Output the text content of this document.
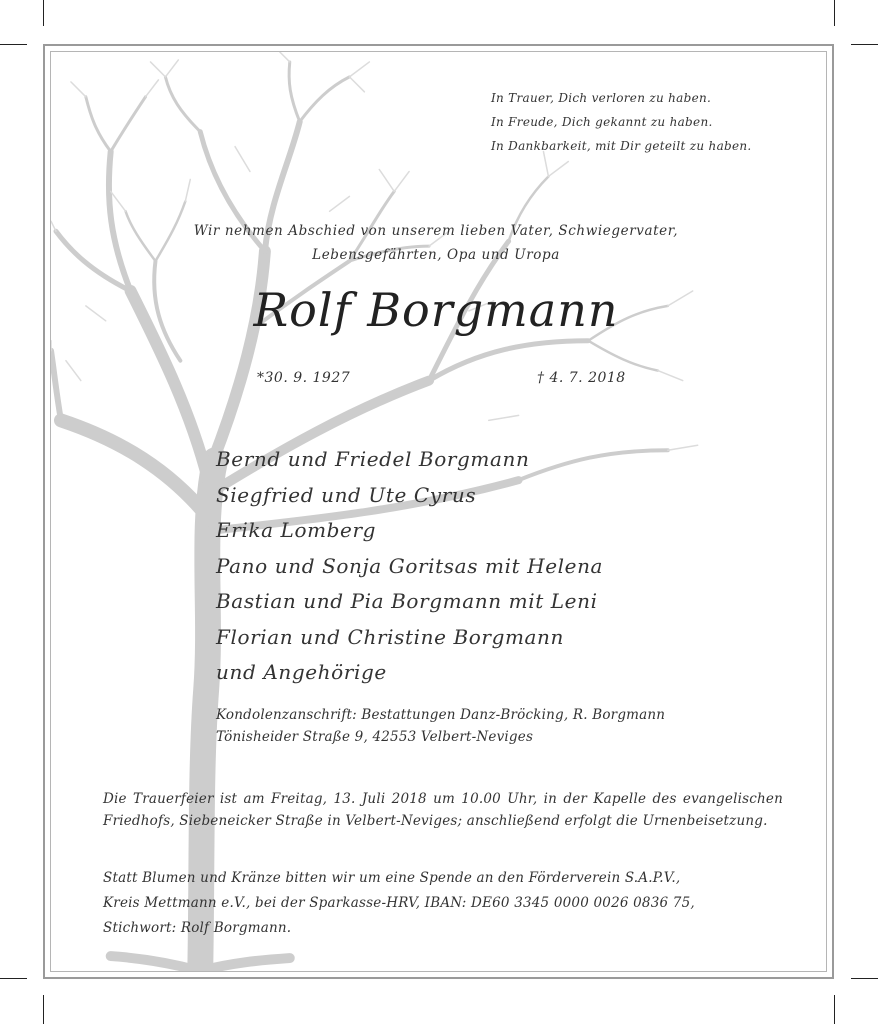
In Trauer, Dich verloren zu haben.
In Freude, Dich gekannt zu haben.
In Dankbarkeit, mit Dir geteilt zu haben.
Wir nehmen Abschied von unserem lieben Vater, Schwiegervater,
Lebensgefährten, Opa und Uropa
Rolf Borgmann
*30. 9. 1927	† 4. 7. 2018
Bernd und Friedel Borgmann
Siegfried und Ute Cyrus
Erika Lomberg
Pano und Sonja Goritsas mit Helena
Bastian und Pia Borgmann mit Leni
Florian und Christine Borgmann
und Angehörige
Kondolenzanschrift: Bestattungen Danz-Bröcking, R. Borgmann
Tönisheider Straße 9, 42553 Velbert-Neviges
Die Trauerfeier ist am Freitag, 13. Juli 2018 um 10.00 Uhr, in der Kapelle des evangelischen Friedhofs, Siebeneicker Straße in Velbert-Neviges; anschließend erfolgt die Urnenbeisetzung.
Statt Blumen und Kränze bitten wir um eine Spende an den Förderverein S.A.P.V.,
Kreis Mettmann e.V., bei der Sparkasse-HRV, IBAN: DE60 3345 0000 0026 0836 75,
Stichwort: Rolf Borgmann.
